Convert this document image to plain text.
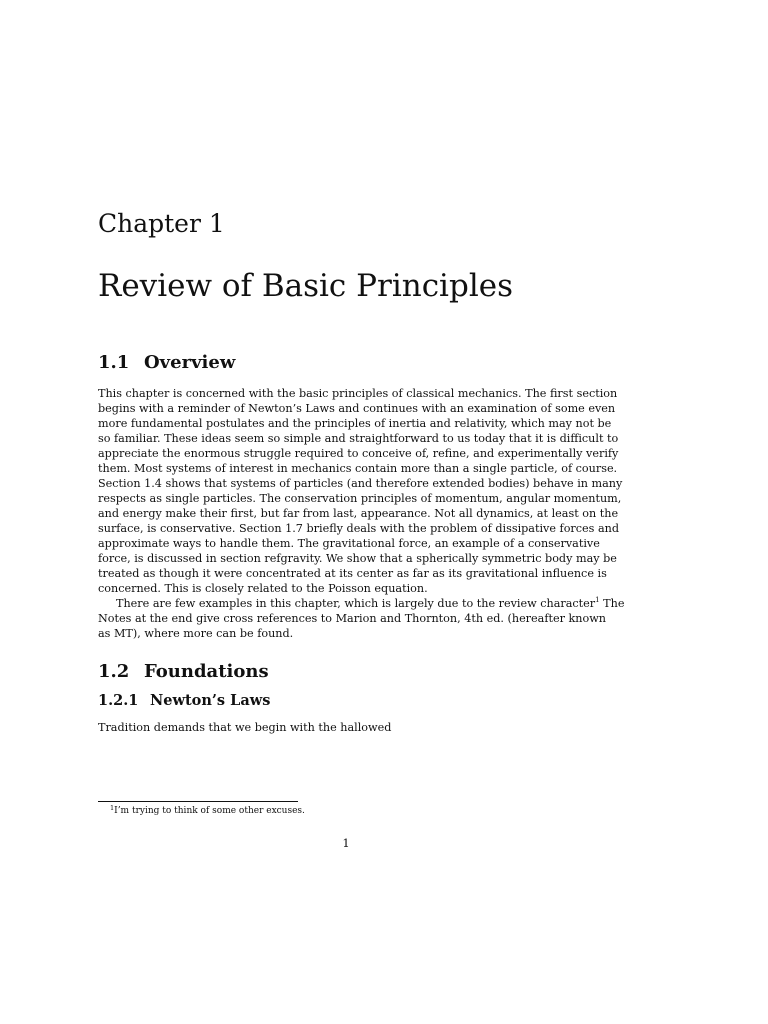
Chapter 1
Review of Basic Principles
1.1 Overview
This chapter is concerned with the basic principles of classical mechanics. The first section
begins with a reminder of Newton’s Laws and continues with an examination of some even
more fundamental postulates and the principles of inertia and relativity, which may not be
so familiar. These ideas seem so simple and straightforward to us today that it is difficult to
appreciate the enormous struggle required to conceive of, refine, and experimentally verify
them. Most systems of interest in mechanics contain more than a single particle, of course.
Section 1.4 shows that systems of particles (and therefore extended bodies) behave in many
respects as single particles. The conservation principles of momentum, angular momentum,
and energy make their first, but far from last, appearance. Not all dynamics, at least on the
surface, is conservative. Section 1.7 briefly deals with the problem of dissipative forces and
approximate ways to handle them. The gravitational force, an example of a conservative
force, is discussed in section refgravity. We show that a spherically symmetric body may be
treated as though it were concentrated at its center as far as its gravitational influence is
concerned. This is closely related to the Poisson equation.
There are few examples in this chapter, which is largely due to the review character$^1$ The
Notes at the end give cross references to Marion and Thornton, 4th ed. (hereafter known
as MT), where more can be found.
1.2 Foundations
1.2.1 Newton’s Laws
Tradition demands that we begin with the hallowed
$^1$I’m trying to think of some other excuses.
1
